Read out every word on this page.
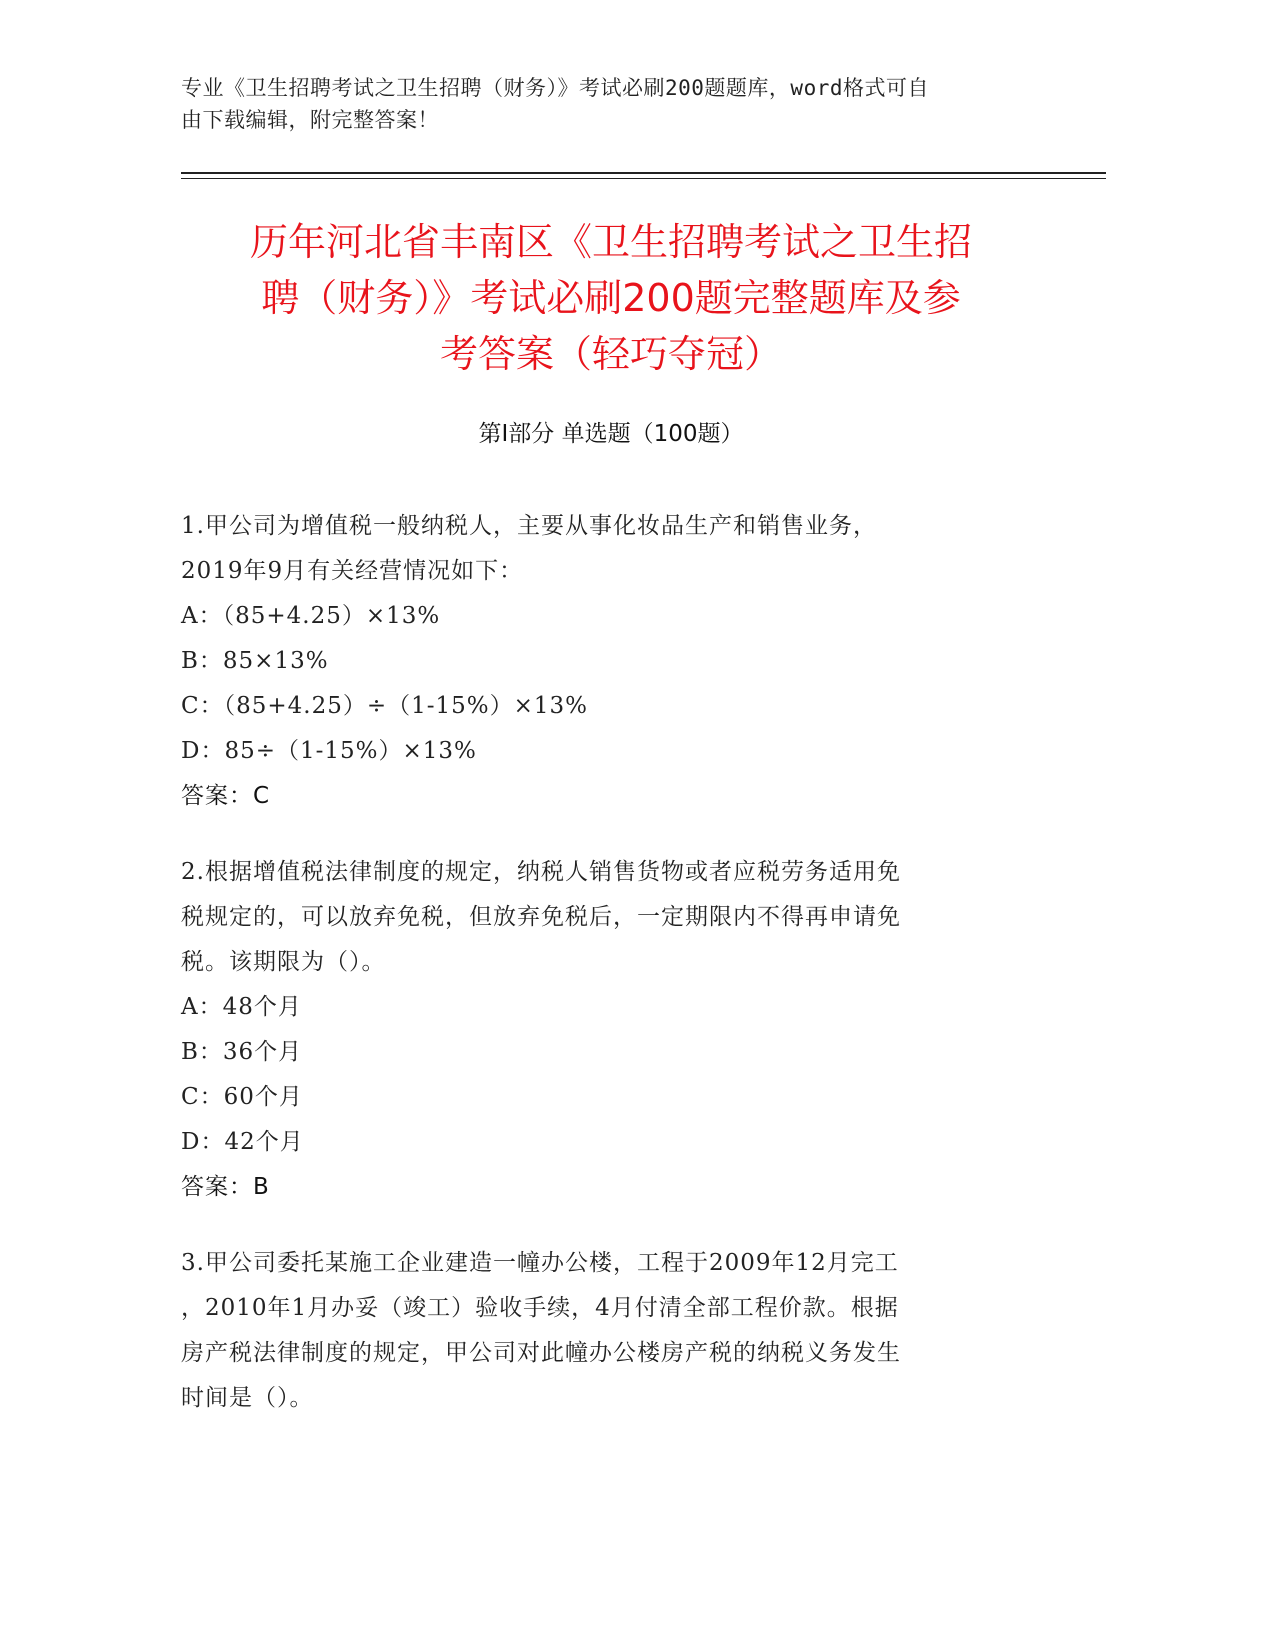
专业《卫生招聘考试之卫生招聘（财务）》考试必刷200题题库，word格式可自
由下载编辑，附完整答案！
历年河北省丰南区《卫生招聘考试之卫生招
聘（财务）》考试必刷200题完整题库及参
考答案（轻巧夺冠）
第I部分 单选题（100题）

1.甲公司为增值税一般纳税人，主要从事化妆品生产和销售业务，

2019年9月有关经营情况如下：

A：（85+4.25）×13%

B：85×13%

C：（85+4.25）÷（1-15%）×13%

D：85÷（1-15%）×13%

答案：C

2.根据增值税法律制度的规定，纳税人销售货物或者应税劳务适用免

税规定的，可以放弃免税，但放弃免税后，一定期限内不得再申请免

税。该期限为（）。

A：48个月

B：36个月

C：60个月

D：42个月

答案：B

3.甲公司委托某施工企业建造一幢办公楼，工程于2009年12月完工

，2010年1月办妥（竣工）验收手续，4月付清全部工程价款。根据

房产税法律制度的规定，甲公司对此幢办公楼房产税的纳税义务发生

时间是（）。
